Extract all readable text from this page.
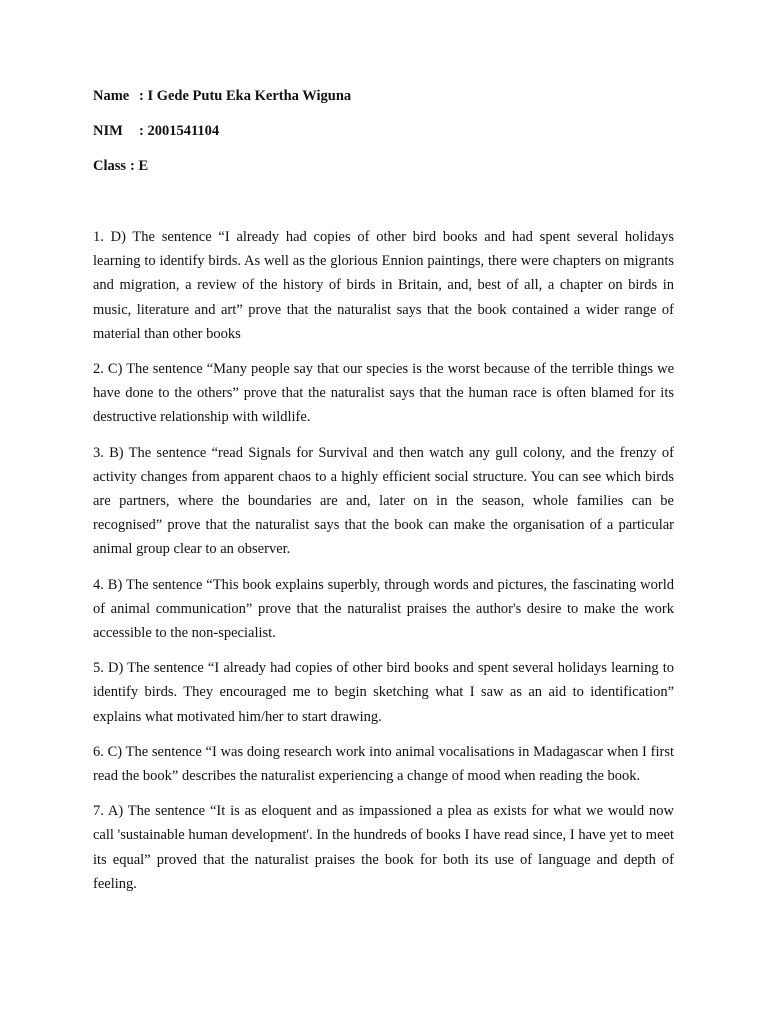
Name : I Gede Putu Eka Kertha Wiguna
NIM	: 2001541104
Class : E

1. D) The sentence “I already had copies of other bird books and had spent several holidays learning to identify birds. As well as the glorious Ennion paintings, there were chapters on migrants and migration, a review of the history of birds in Britain, and, best of all, a chapter on birds in music, literature and art” prove that the naturalist says that the book contained a wider range of material than other books

2. C) The sentence “Many people say that our species is the worst because of the terrible things we have done to the others” prove that the naturalist says that the human race is often blamed for its destructive relationship with wildlife.

3. B) The sentence “read Signals for Survival and then watch any gull colony, and the frenzy of activity changes from apparent chaos to a highly efficient social structure. You can see which birds are partners, where the boundaries are and, later on in the season, whole families can be recognised” prove that the naturalist says that the book can make the organisation of a particular animal group clear to an observer.

4. B) The sentence “This book explains superbly, through words and pictures, the fascinating world of animal communication” prove that the naturalist praises the author's desire to make the work accessible to the non-specialist.

5. D) The sentence “I already had copies of other bird books and spent several holidays learning to identify birds. They encouraged me to begin sketching what I saw as an aid to identification” explains what motivated him/her to start drawing.

6. C) The sentence “I was doing research work into animal vocalisations in Madagascar when I first read the book” describes the naturalist experiencing a change of mood when reading the book.

7. A) The sentence “It is as eloquent and as impassioned a plea as exists for what we would now call 'sustainable human development'. In the hundreds of books I have read since, I have yet to meet its equal” proved that the naturalist praises the book for both its use of language and depth of feeling.
